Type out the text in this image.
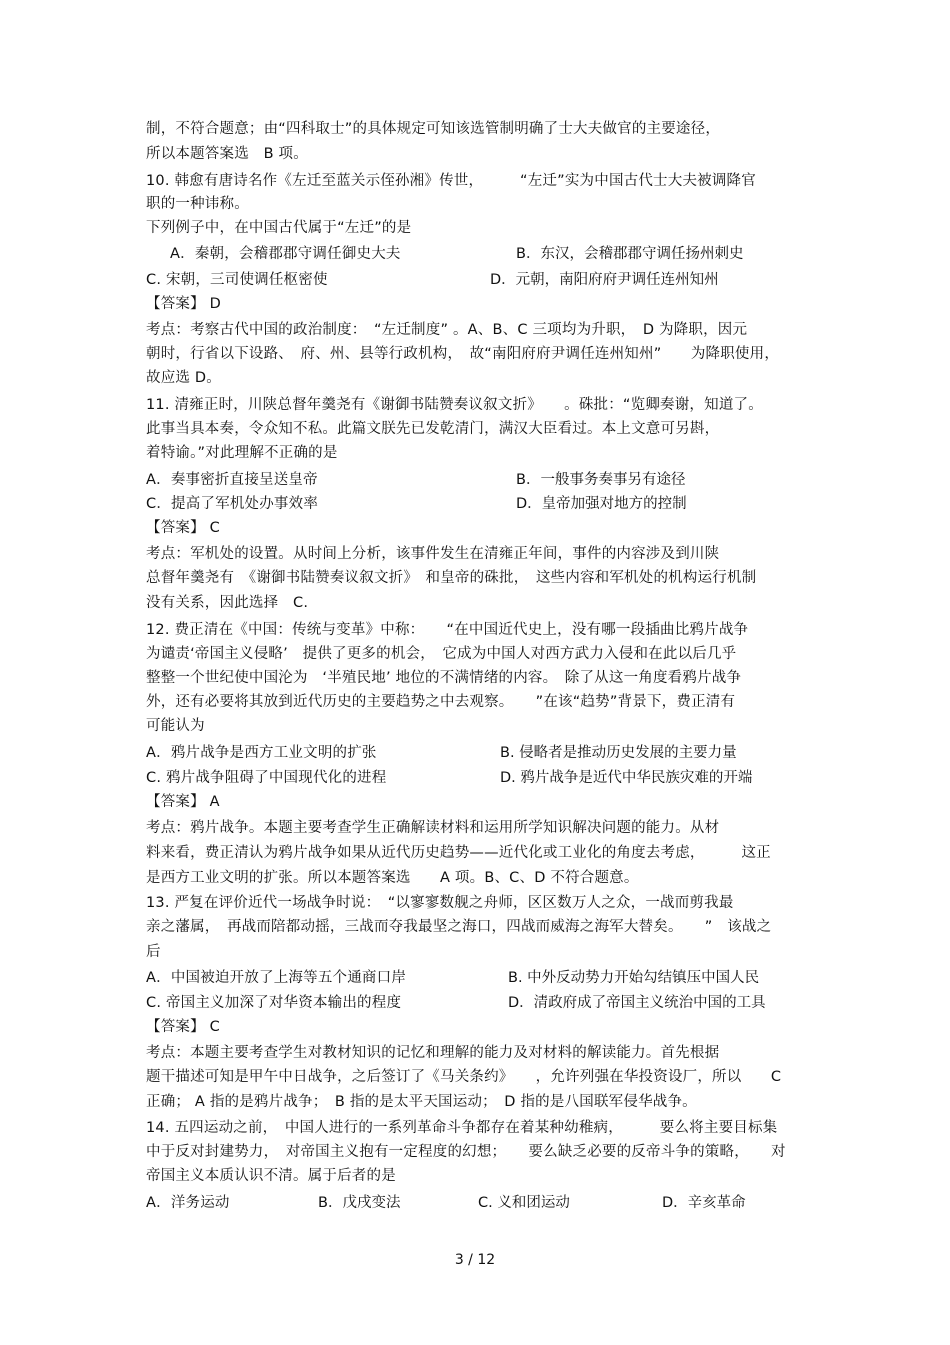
制，不符合题意；由“四科取士”的具体规定可知该选管制明确了士大夫做官的主要途径，
所以本题答案选　B 项。
10. 韩愈有唐诗名作《左迁至蓝关示侄孙湘》传世，　　　“左迁”实为中国古代士大夫被调降官
职的一种讳称。
下列例子中，在中国古代属于“左迁”的是
A．秦朝，会稽郡郡守调任御史大夫	B．东汉，会稽郡郡守调任扬州刺史
C. 宋朝，三司使调任枢密使	D．元朝，南阳府府尹调任连州知州
【答案】 D
考点：考察古代中国的政治制度：　“左迁制度” 。A、B、C 三项均为升职，　D 为降职，因元
朝时，行省以下设路、　府、州、县等行政机构，　故“南阳府府尹调任连州知州”　　为降职使用，
故应选 D。
11. 清雍正时，川陕总督年羹尧有《谢御书陆赞奏议叙文折》　　。硃批：“览卿奏谢，知道了。
此事当具本奏，令众知不私。此篇文朕先已发乾清门，满汉大臣看过。本上文意可另斟，
着特谕。”对此理解不正确的是
A．奏事密折直接呈送皇帝	B．一般事务奏事另有途径
C．提高了军机处办事效率	D．皇帝加强对地方的控制
【答案】 C
考点：军机处的设置。从时间上分析，该事件发生在清雍正年间，事件的内容涉及到川陕
总督年羹尧有　《谢御书陆赞奏议叙文折》　和皇帝的硃批，　这些内容和军机处的机构运行机制
没有关系，因此选择　C.
12. 费正清在《中国：传统与变革》中称：　　“在中国近代史上，没有哪一段插曲比鸦片战争
为谴责‘帝国主义侵略’　提供了更多的机会，　它成为中国人对西方武力入侵和在此以后几乎
整整一个世纪使中国沦为　‘半殖民地’ 地位的不满情绪的内容。　除了从这一角度看鸦片战争
外，还有必要将其放到近代历史的主要趋势之中去观察。　　”在该“趋势”背景下，费正清有
可能认为
A．鸦片战争是西方工业文明的扩张	B. 侵略者是推动历史发展的主要力量
C. 鸦片战争阻碍了中国现代化的进程	D. 鸦片战争是近代中华民族灾难的开端
【答案】 A
考点：鸦片战争。本题主要考查学生正确解读材料和运用所学知识解决问题的能力。从材
料来看，费正清认为鸦片战争如果从近代历史趋势——近代化或工业化的角度去考虑，　　　这正
是西方工业文明的扩张。所以本题答案选　　A 项。B、C、D 不符合题意。
13. 严复在评价近代一场战争时说：　“以寥寥数舰之舟师，区区数万人之众，一战而剪我最
亲之藩属，　再战而陪都动摇，三战而夺我最坚之海口，四战而威海之海军大替矣。　　”　该战之
后
A．中国被迫开放了上海等五个通商口岸	B. 中外反动势力开始勾结镇压中国人民
C. 帝国主义加深了对华资本输出的程度	D．清政府成了帝国主义统治中国的工具
【答案】 C
考点：本题主要考查学生对教材知识的记忆和理解的能力及对材料的解读能力。首先根据
题干描述可知是甲午中日战争，之后签订了《马关条约》　　，允许列强在华投资设厂，所以　　C
正确； A 指的是鸦片战争；　B 指的是太平天国运动；　D 指的是八国联军侵华战争。
14. 五四运动之前，　中国人进行的一系列革命斗争都存在着某种幼稚病，　　　要么将主要目标集
中于反对封建势力，　对帝国主义抱有一定程度的幻想；　　要么缺乏必要的反帝斗争的策略，　　对
帝国主义本质认识不清。属于后者的是
A．洋务运动	B．戊戌变法	C. 义和团运动	D．辛亥革命
3 / 12
